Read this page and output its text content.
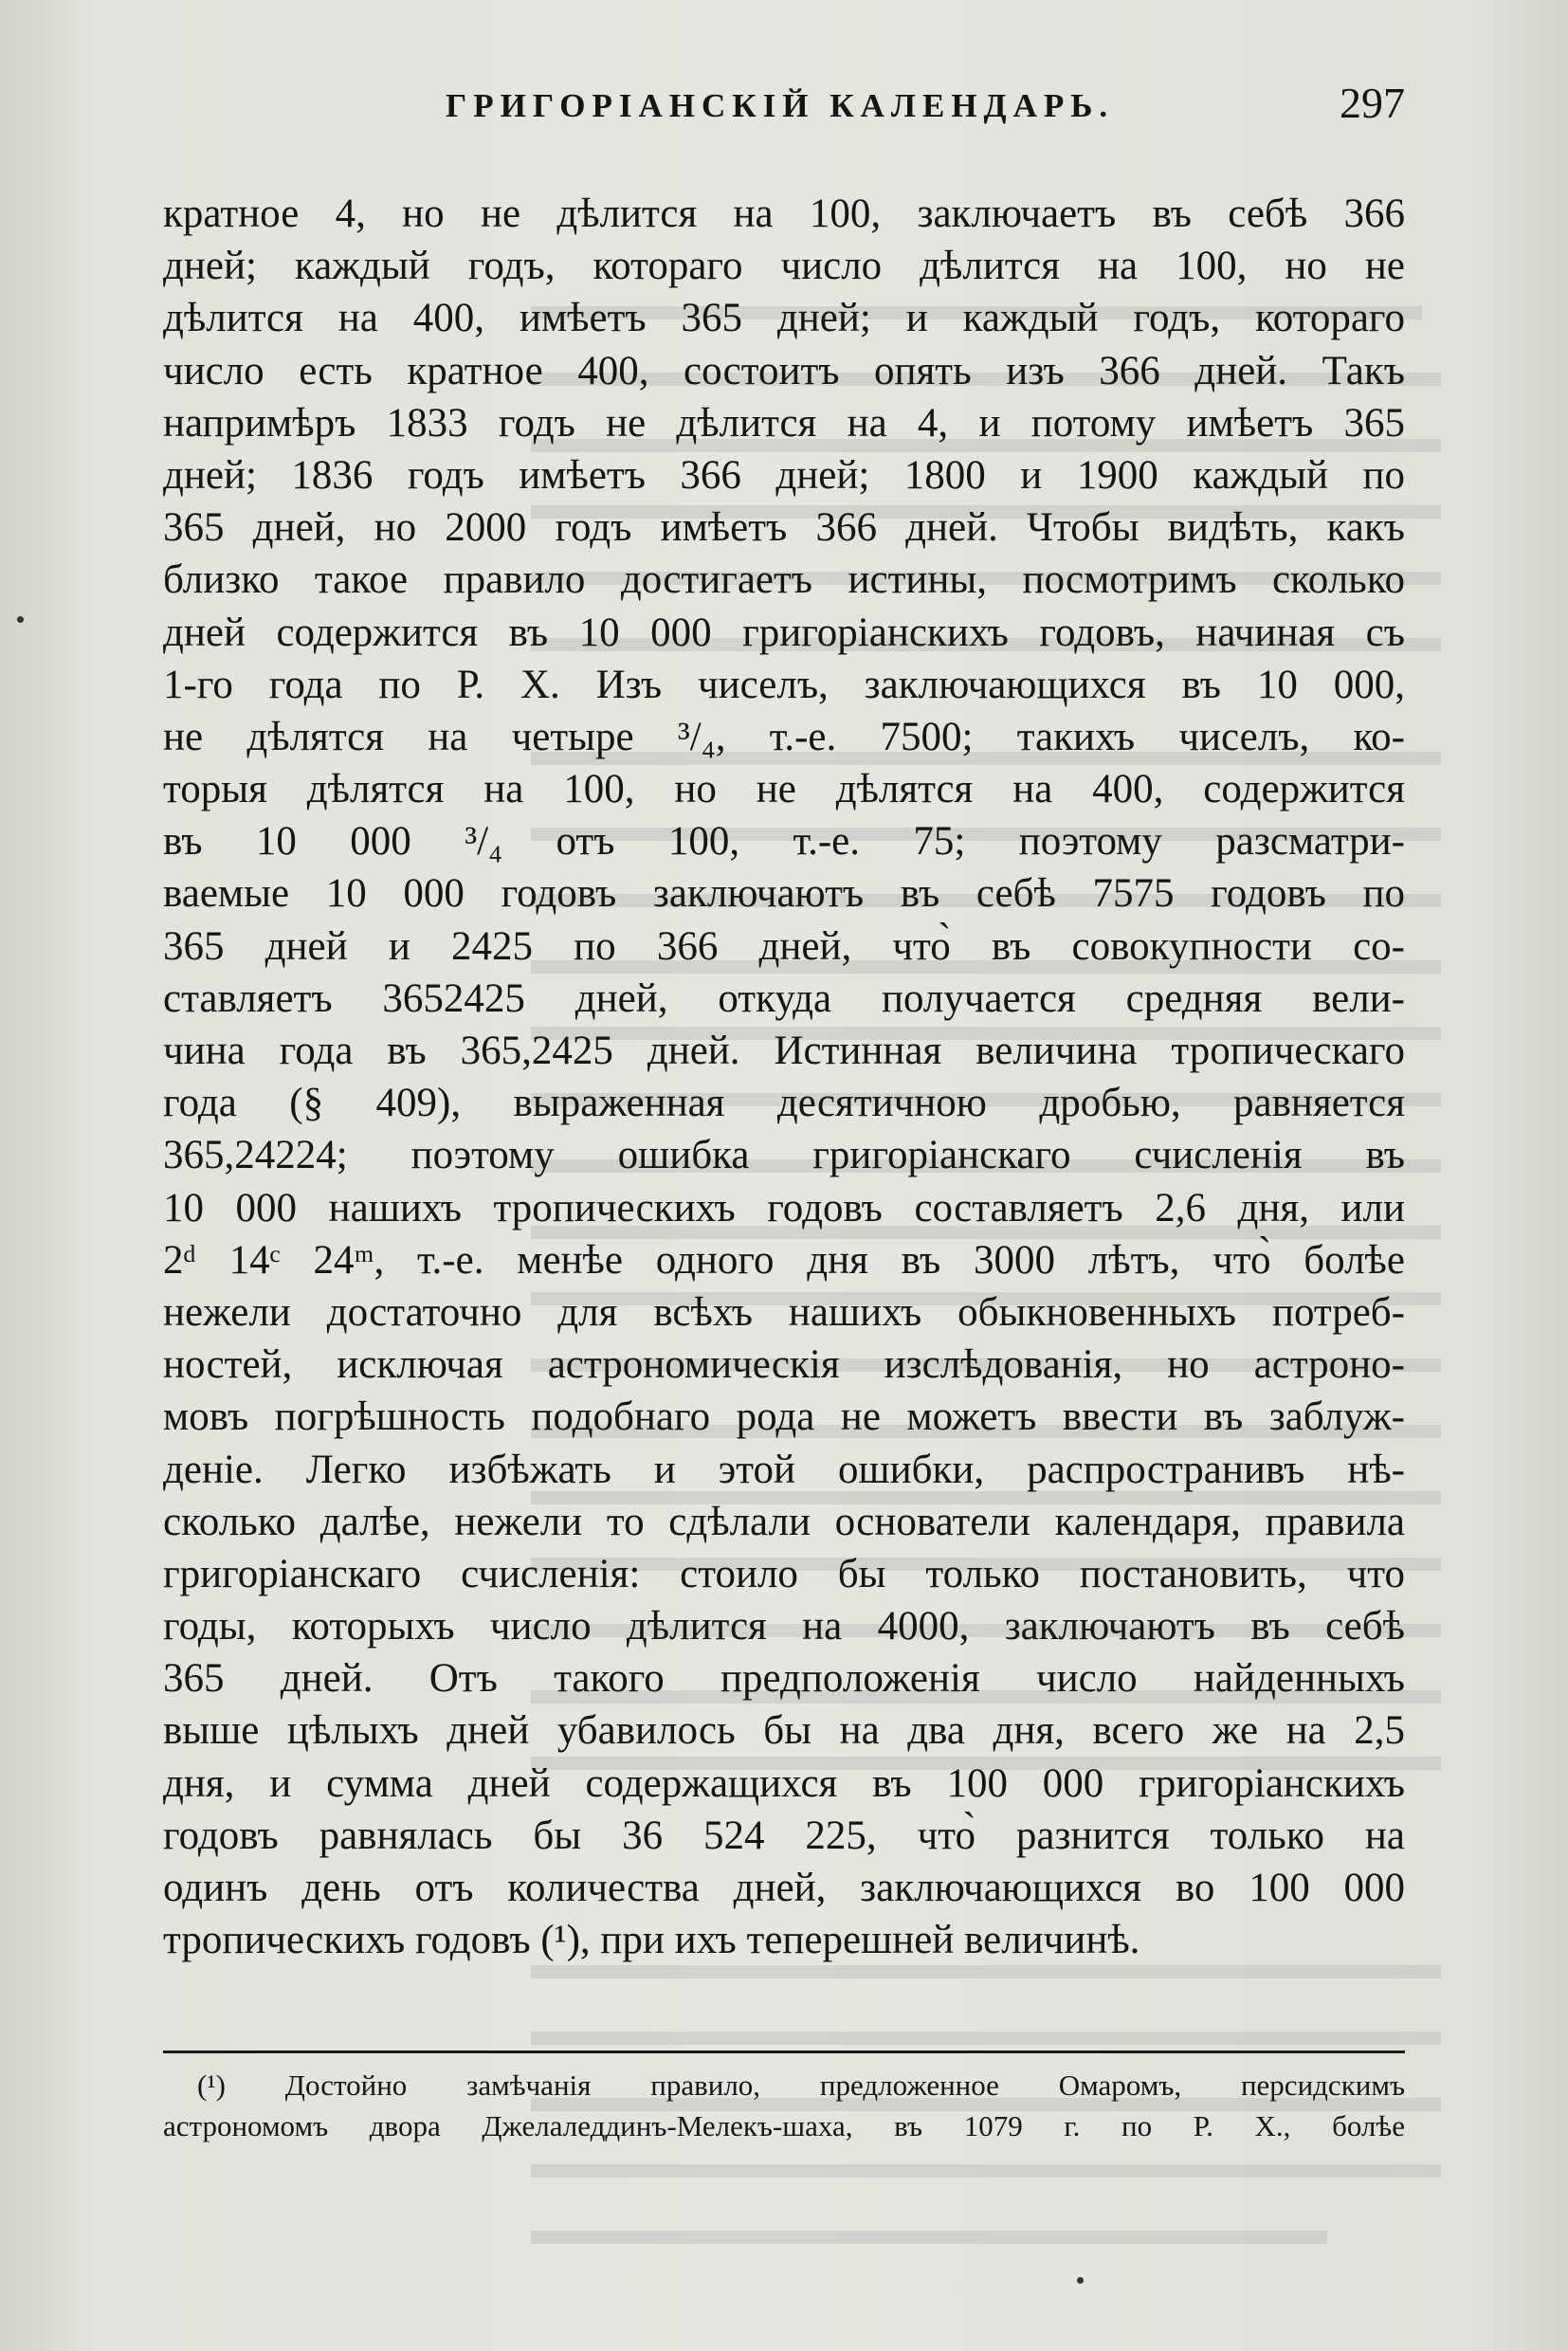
ГРИГОРІАНСКІЙ КАЛЕНДАРЬ.	297
кратное 4, но не дѣлится на 100, заключаетъ въ себѣ 366
дней; каждый годъ, котораго число дѣлится на 100, но не
дѣлится на 400, имѣетъ 365 дней; и каждый годъ, котораго
число есть кратное 400, состоитъ опять изъ 366 дней. Такъ
напримѣръ 1833 годъ не дѣлится на 4, и потому имѣетъ 365
дней; 1836 годъ имѣетъ 366 дней; 1800 и 1900 каждый по
365 дней, но 2000 годъ имѣетъ 366 дней. Чтобы видѣть, какъ
близко такое правило достигаетъ истины, посмотримъ сколько
дней содержится въ 10 000 григоріанскихъ годовъ, начиная съ
1-го года по Р. Х. Изъ чиселъ, заключающихся въ 10 000,
не дѣлятся на четыре ³/₄, т.-е. 7500; такихъ чиселъ, ко-
торыя дѣлятся на 100, но не дѣлятся на 400, содержится
въ 10 000 ³/₄ отъ 100, т.-е. 75; поэтому разсматри-
ваемые 10 000 годовъ заключаютъ въ себѣ 7575 годовъ по
365 дней и 2425 по 366 дней, что̀ въ совокупности со-
ставляетъ 3652425 дней, откуда получается средняя вели-
чина года въ 365,2425 дней. Истинная величина тропическаго
года (§ 409), выраженная десятичною дробью, равняется
365,24224; поэтому ошибка григоріанскаго счисленія въ
10 000 нашихъ тропическихъ годовъ составляетъ 2,6 дня, или
2ᵈ 14ᶜ 24ᵐ, т.-е. менѣе одного дня въ 3000 лѣтъ, что̀ болѣе
нежели достаточно для всѣхъ нашихъ обыкновенныхъ потреб-
ностей, исключая астрономическія изслѣдованія, но астроно-
мовъ погрѣшность подобнаго рода не можетъ ввести въ заблуж-
деніе. Легко избѣжать и этой ошибки, распространивъ нѣ-
сколько далѣе, нежели то сдѣлали основатели календаря, правила
григоріанскаго счисленія: стоило бы только постановить, что
годы, которыхъ число дѣлится на 4000, заключаютъ въ себѣ
365 дней. Отъ такого предположенія число найденныхъ
выше цѣлыхъ дней убавилось бы на два дня, всего же на 2,5
дня, и сумма дней содержащихся въ 100 000 григоріанскихъ
годовъ равнялась бы 36 524 225, что̀ разнится только на
одинъ день отъ количества дней, заключающихся во 100 000
тропическихъ годовъ (¹), при ихъ теперешней величинѣ.
(¹) Достойно замѣчанія правило, предложенное Омаромъ, персидскимъ
астрономомъ двора Джелаледдинъ-Мелекъ-шаха, въ 1079 г. по Р. Х., болѣе
